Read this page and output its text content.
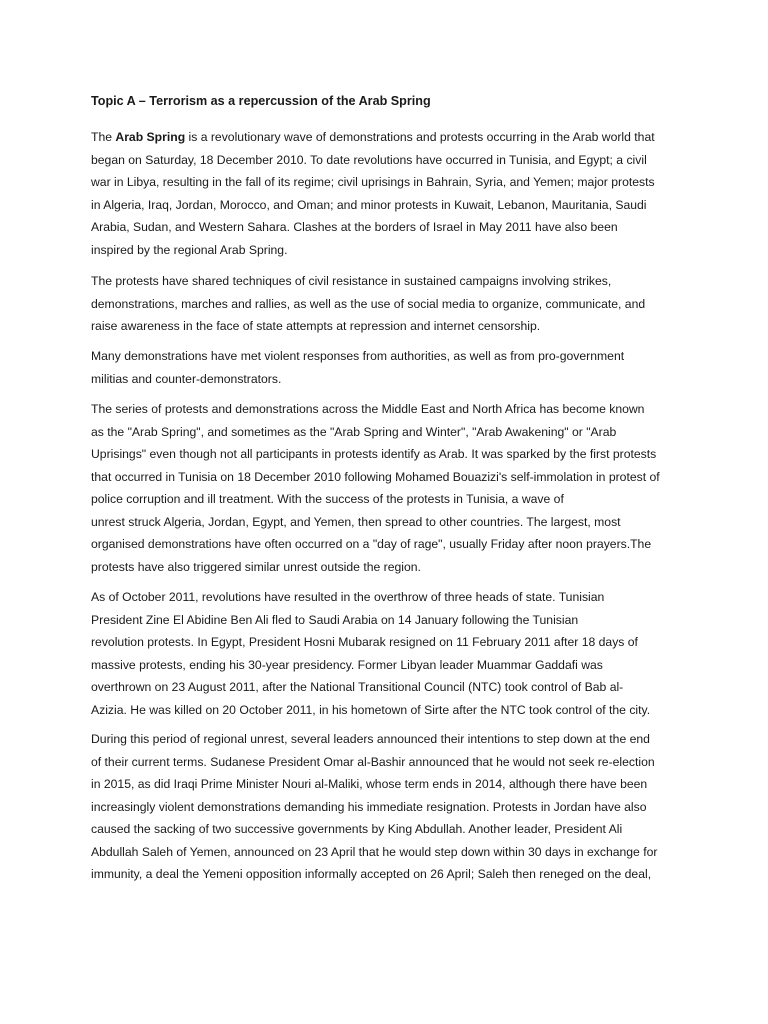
Topic A – Terrorism as a repercussion of the Arab Spring
The Arab Spring is a revolutionary wave of demonstrations and protests occurring in the Arab world that
began on Saturday, 18 December 2010. To date revolutions have occurred in Tunisia, and Egypt; a civil
war in Libya, resulting in the fall of its regime; civil uprisings in Bahrain, Syria, and Yemen; major protests
in Algeria, Iraq, Jordan, Morocco, and Oman; and minor protests in Kuwait, Lebanon, Mauritania, Saudi
Arabia, Sudan, and Western Sahara. Clashes at the borders of Israel in May 2011 have also been
inspired by the regional Arab Spring.
The protests have shared techniques of civil resistance in sustained campaigns involving strikes,
demonstrations, marches and rallies, as well as the use of social media to organize, communicate, and
raise awareness in the face of state attempts at repression and internet censorship.
Many demonstrations have met violent responses from authorities, as well as from pro-government
militias and counter-demonstrators.
The series of protests and demonstrations across the Middle East and North Africa has become known
as the "Arab Spring", and sometimes as the "Arab Spring and Winter", "Arab Awakening" or "Arab
Uprisings" even though not all participants in protests identify as Arab. It was sparked by the first protests
that occurred in Tunisia on 18 December 2010 following Mohamed Bouazizi's self-immolation in protest of
police corruption and ill treatment. With the success of the protests in Tunisia, a wave of
unrest struck Algeria, Jordan, Egypt, and Yemen, then spread to other countries. The largest, most
organised demonstrations have often occurred on a "day of rage", usually Friday after noon prayers.The
protests have also triggered similar unrest outside the region.
As of October 2011, revolutions have resulted in the overthrow of three heads of state. Tunisian
President Zine El Abidine Ben Ali fled to Saudi Arabia on 14 January following the Tunisian
revolution protests. In Egypt, President Hosni Mubarak resigned on 11 February 2011 after 18 days of
massive protests, ending his 30-year presidency. Former Libyan leader Muammar Gaddafi was
overthrown on 23 August 2011, after the National Transitional Council (NTC) took control of Bab al-
Azizia. He was killed on 20 October 2011, in his hometown of Sirte after the NTC took control of the city.
During this period of regional unrest, several leaders announced their intentions to step down at the end
of their current terms. Sudanese President Omar al-Bashir announced that he would not seek re-election
in 2015, as did Iraqi Prime Minister Nouri al-Maliki, whose term ends in 2014, although there have been
increasingly violent demonstrations demanding his immediate resignation. Protests in Jordan have also
caused the sacking of two successive governments by King Abdullah. Another leader, President Ali
Abdullah Saleh of Yemen, announced on 23 April that he would step down within 30 days in exchange for
immunity, a deal the Yemeni opposition informally accepted on 26 April; Saleh then reneged on the deal,
